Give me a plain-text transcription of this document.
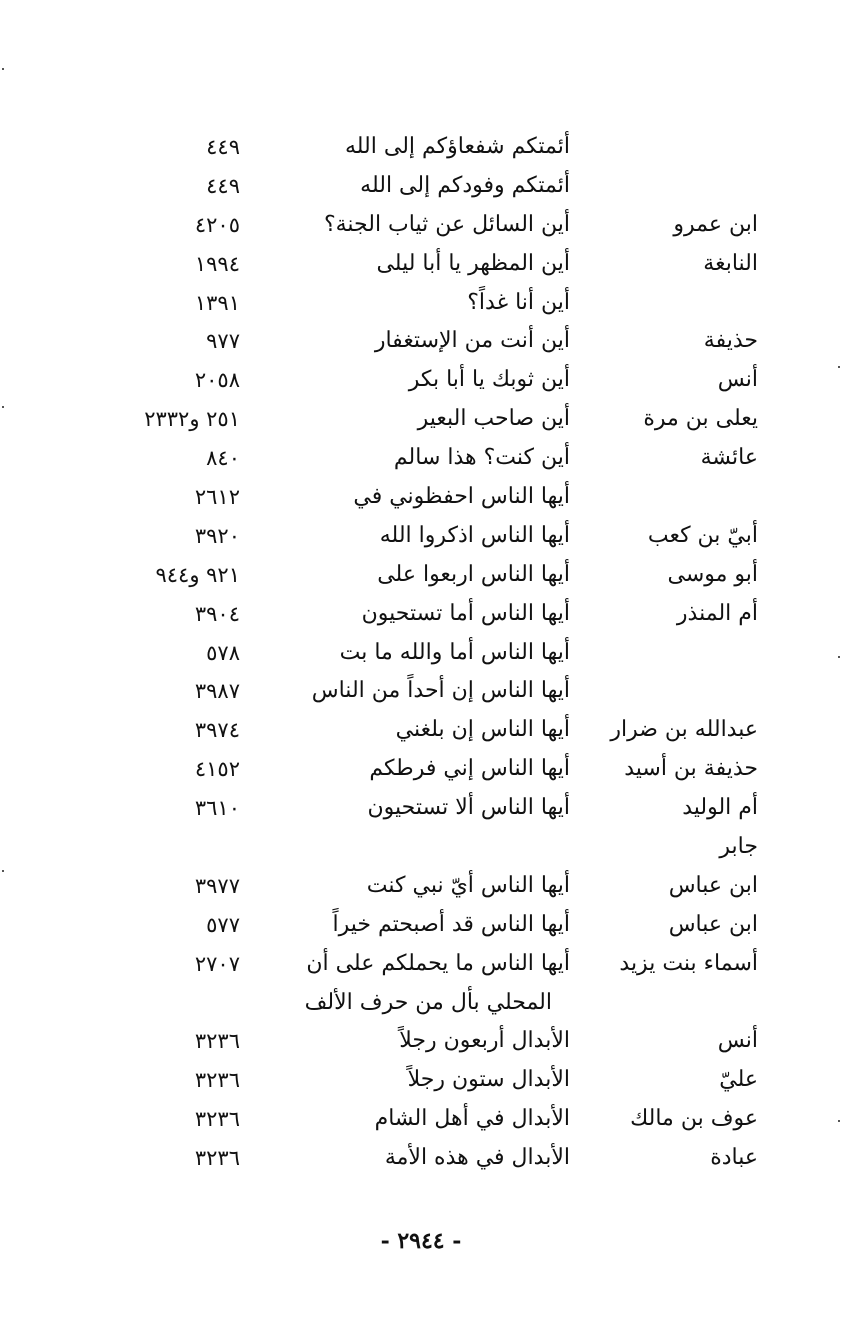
أئمتكم شفعاؤكم إلى الله
٤٤٩
أئمتكم وفودكم إلى الله
٤٤٩
ابن عمرو
أين السائل عن ثياب الجنة؟
٤٢٠٥
النابغة
أين المظهر يا أبا ليلى
١٩٩٤
أين أنا غداً؟
١٣٩١
حذيفة
أين أنت من الإستغفار
٩٧٧
أنس
أين ثوبك يا أبا بكر
٢٠٥٨
يعلى بن مرة
أين صاحب البعير
٢٥١ و٢٣٣٢
عائشة
أين كنت؟ هذا سالم
٨٤٠
أيها الناس احفظوني في
٢٦١٢
أبيّ بن كعب
أيها الناس اذكروا الله
٣٩٢٠
أبو موسى
أيها الناس اربعوا على
٩٢١ و٩٤٤
أم المنذر
أيها الناس أما تستحيون
٣٩٠٤
أيها الناس أما والله ما بت
٥٧٨
أيها الناس إن أحداً من الناس
٣٩٨٧
عبدالله بن ضرار
أيها الناس إن بلغني
٣٩٧٤
حذيفة بن أسيد
أيها الناس إني فرطكم
٤١٥٢
أم الوليد
أيها الناس ألا تستحيون
٣٦١٠
جابر
ابن عباس
أيها الناس أيّ نبي كنت
٣٩٧٧
ابن عباس
أيها الناس قد أصبحتم خيراً
٥٧٧
أسماء بنت يزيد
أيها الناس ما يحملكم على أن
٢٧٠٧
المحلي بأل من حرف الألف
أنس
الأبدال أربعون رجلاً
٣٢٣٦
عليّ
الأبدال ستون رجلاً
٣٢٣٦
عوف بن مالك
الأبدال في أهل الشام
٣٢٣٦
عبادة
الأبدال في هذه الأمة
٣٢٣٦
- ٢٩٤٤ -
